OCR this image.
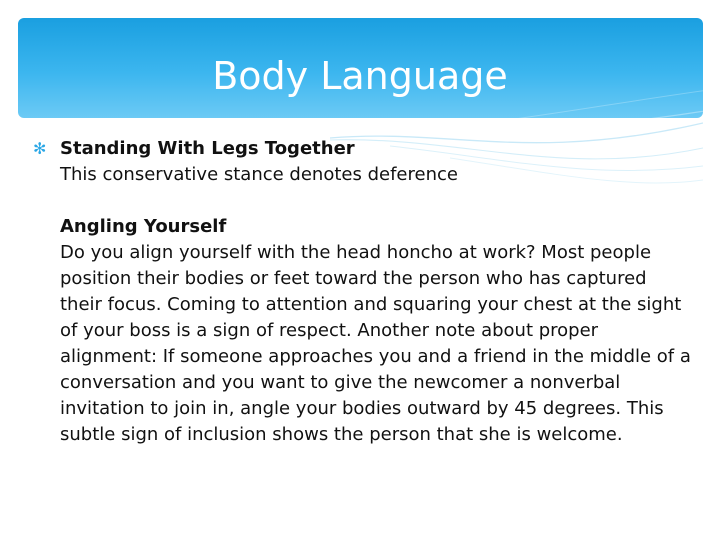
Body Language
✻ Standing With Legs Together
This conservative stance denotes deference
Angling Yourself
Do you align yourself with the head honcho at work? Most people position their bodies or feet toward the person who has captured their focus. Coming to attention and squaring your chest at the sight of your boss is a sign of respect. Another note about proper alignment: If someone approaches you and a friend in the middle of a conversation and you want to give the newcomer a nonverbal invitation to join in, angle your bodies outward by 45 degrees. This subtle sign of inclusion shows the person that she is welcome.
